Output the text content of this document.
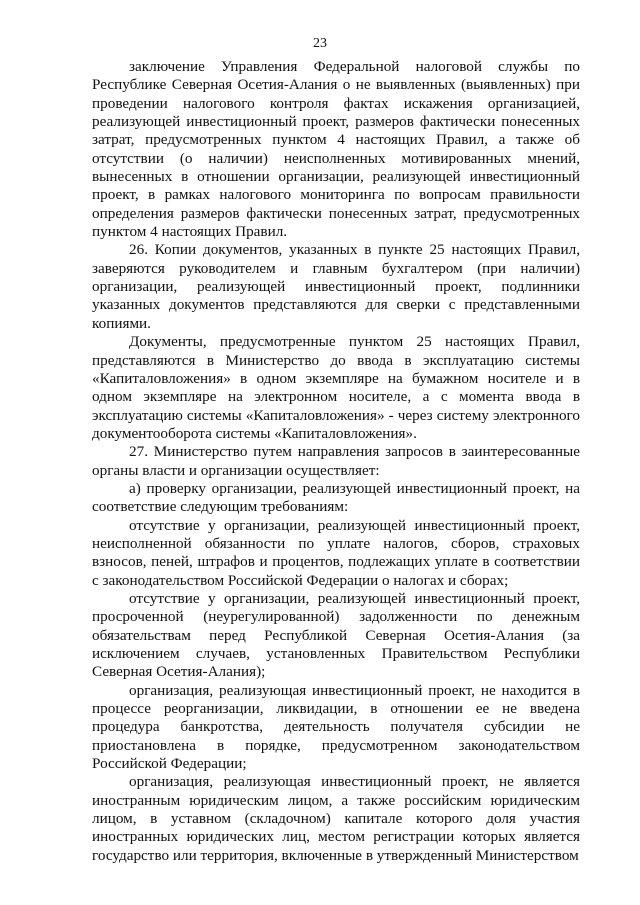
23

заключение Управления Федеральной налоговой службы по Республике Северная Осетия-Алания о не выявленных (выявленных) при проведении налогового контроля фактах искажения организацией, реализующей инвестиционный проект, размеров фактически понесенных затрат, предусмотренных пунктом 4 настоящих Правил, а также об отсутствии (о наличии) неисполненных мотивированных мнений, вынесенных в отношении организации, реализующей инвестиционный проект, в рамках налогового мониторинга по вопросам правильности определения размеров фактически понесенных затрат, предусмотренных пунктом 4 настоящих Правил.

26. Копии документов, указанных в пункте 25 настоящих Правил, заверяются руководителем и главным бухгалтером (при наличии) организации, реализующей инвестиционный проект, подлинники указанных документов представляются для сверки с представленными копиями.

Документы, предусмотренные пунктом 25 настоящих Правил, представляются в Министерство до ввода в эксплуатацию системы «Капиталовложения» в одном экземпляре на бумажном носителе и в одном экземпляре на электронном носителе, а с момента ввода в эксплуатацию системы «Капиталовложения» - через систему электронного документооборота системы «Капиталовложения».

27. Министерство путем направления запросов в заинтересованные органы власти и организации осуществляет:

а) проверку организации, реализующей инвестиционный проект, на соответствие следующим требованиям:

отсутствие у организации, реализующей инвестиционный проект, неисполненной обязанности по уплате налогов, сборов, страховых взносов, пеней, штрафов и процентов, подлежащих уплате в соответствии с законодательством Российской Федерации о налогах и сборах;

отсутствие у организации, реализующей инвестиционный проект, просроченной (неурегулированной) задолженности по денежным обязательствам перед Республикой Северная Осетия-Алания (за исключением случаев, установленных Правительством Республики Северная Осетия-Алания);

организация, реализующая инвестиционный проект, не находится в процессе реорганизации, ликвидации, в отношении ее не введена процедура банкротства, деятельность получателя субсидии не приостановлена в порядке, предусмотренном законодательством Российской Федерации;

организация, реализующая инвестиционный проект, не является иностранным юридическим лицом, а также российским юридическим лицом, в уставном (складочном) капитале которого доля участия иностранных юридических лиц, местом регистрации которых является государство или территория, включенные в утвержденный Министерством
